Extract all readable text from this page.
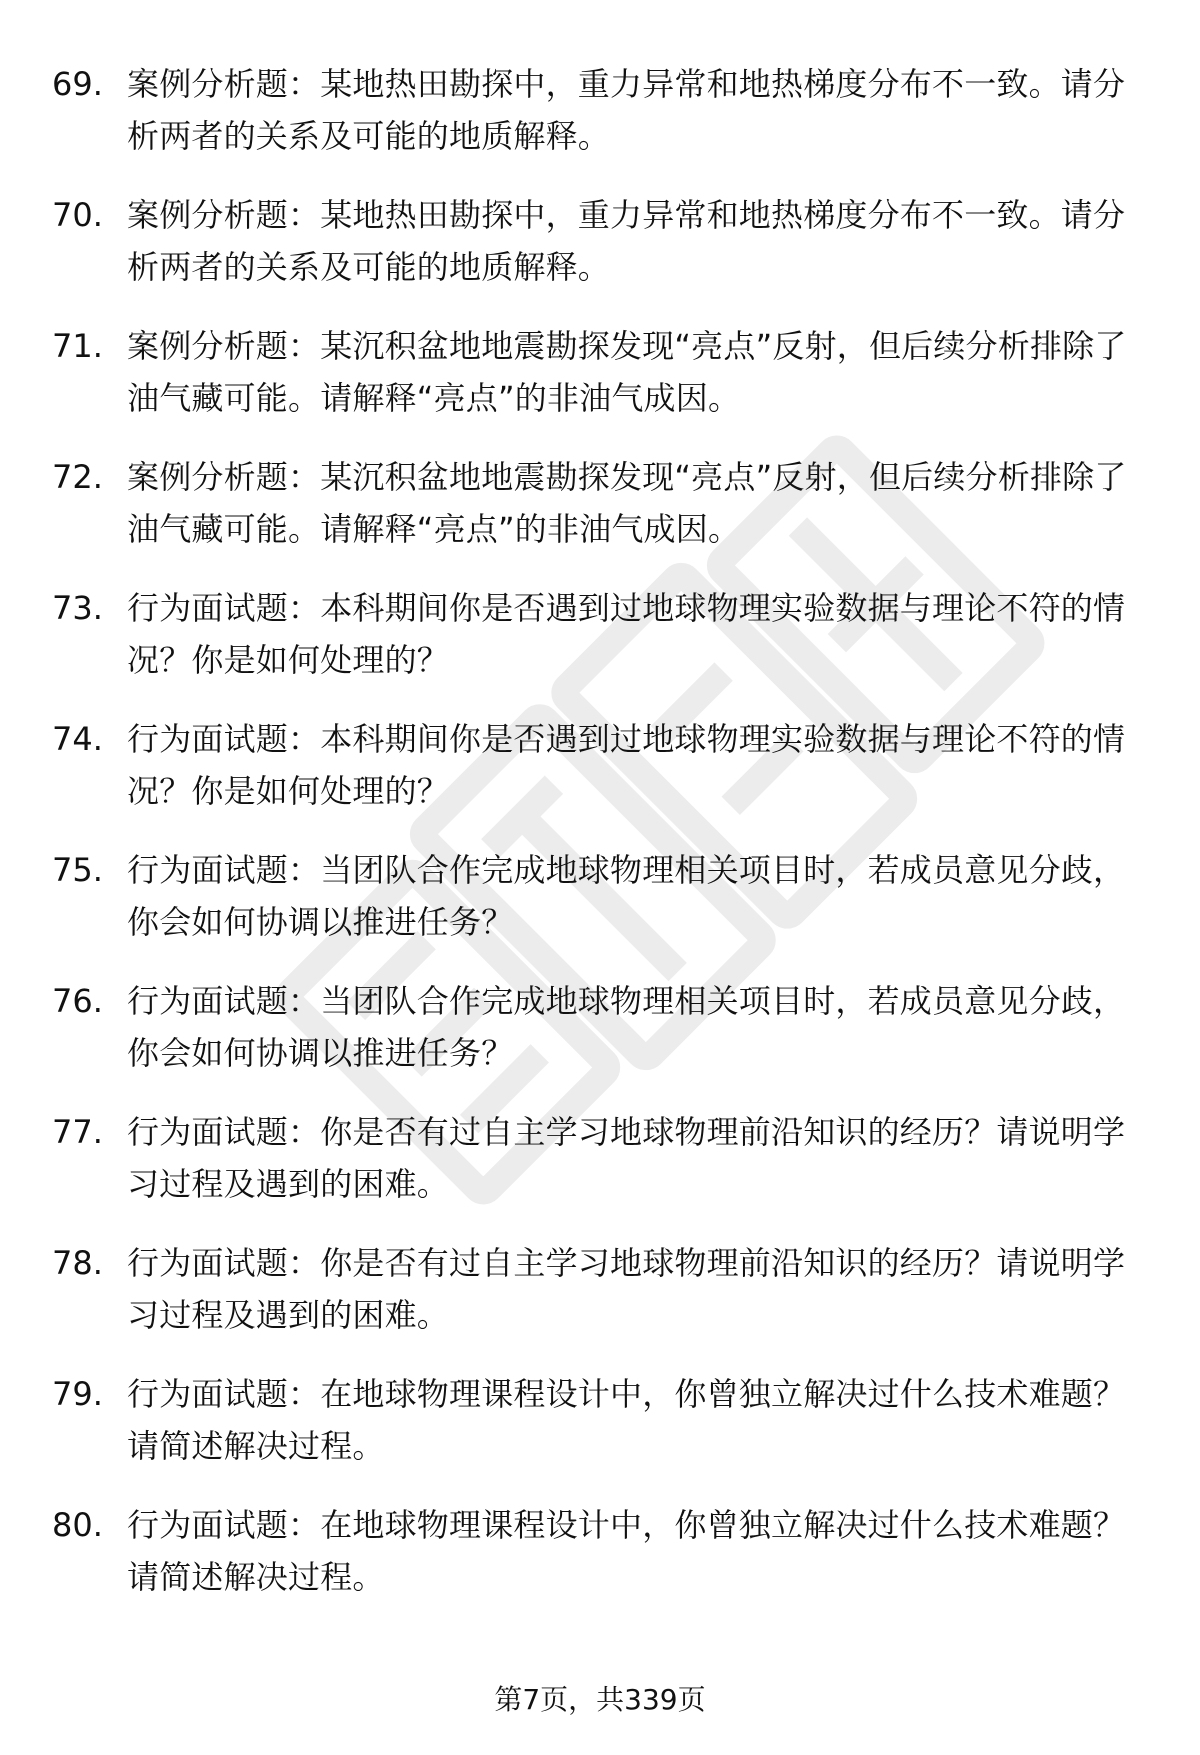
69. 案例分析题：某地热田勘探中，重力异常和地热梯度分布不一致。请分析两者的关系及可能的地质解释。
70. 案例分析题：某地热田勘探中，重力异常和地热梯度分布不一致。请分析两者的关系及可能的地质解释。
71. 案例分析题：某沉积盆地地震勘探发现“亮点”反射，但后续分析排除了油气藏可能。请解释“亮点”的非油气成因。
72. 案例分析题：某沉积盆地地震勘探发现“亮点”反射，但后续分析排除了油气藏可能。请解释“亮点”的非油气成因。
73. 行为面试题：本科期间你是否遇到过地球物理实验数据与理论不符的情况？你是如何处理的？
74. 行为面试题：本科期间你是否遇到过地球物理实验数据与理论不符的情况？你是如何处理的？
75. 行为面试题：当团队合作完成地球物理相关项目时，若成员意见分歧，你会如何协调以推进任务？
76. 行为面试题：当团队合作完成地球物理相关项目时，若成员意见分歧，你会如何协调以推进任务？
77. 行为面试题：你是否有过自主学习地球物理前沿知识的经历？请说明学习过程及遇到的困难。
78. 行为面试题：你是否有过自主学习地球物理前沿知识的经历？请说明学习过程及遇到的困难。
79. 行为面试题：在地球物理课程设计中，你曾独立解决过什么技术难题？请简述解决过程。
80. 行为面试题：在地球物理课程设计中，你曾独立解决过什么技术难题？请简述解决过程。
第7页，共339页
